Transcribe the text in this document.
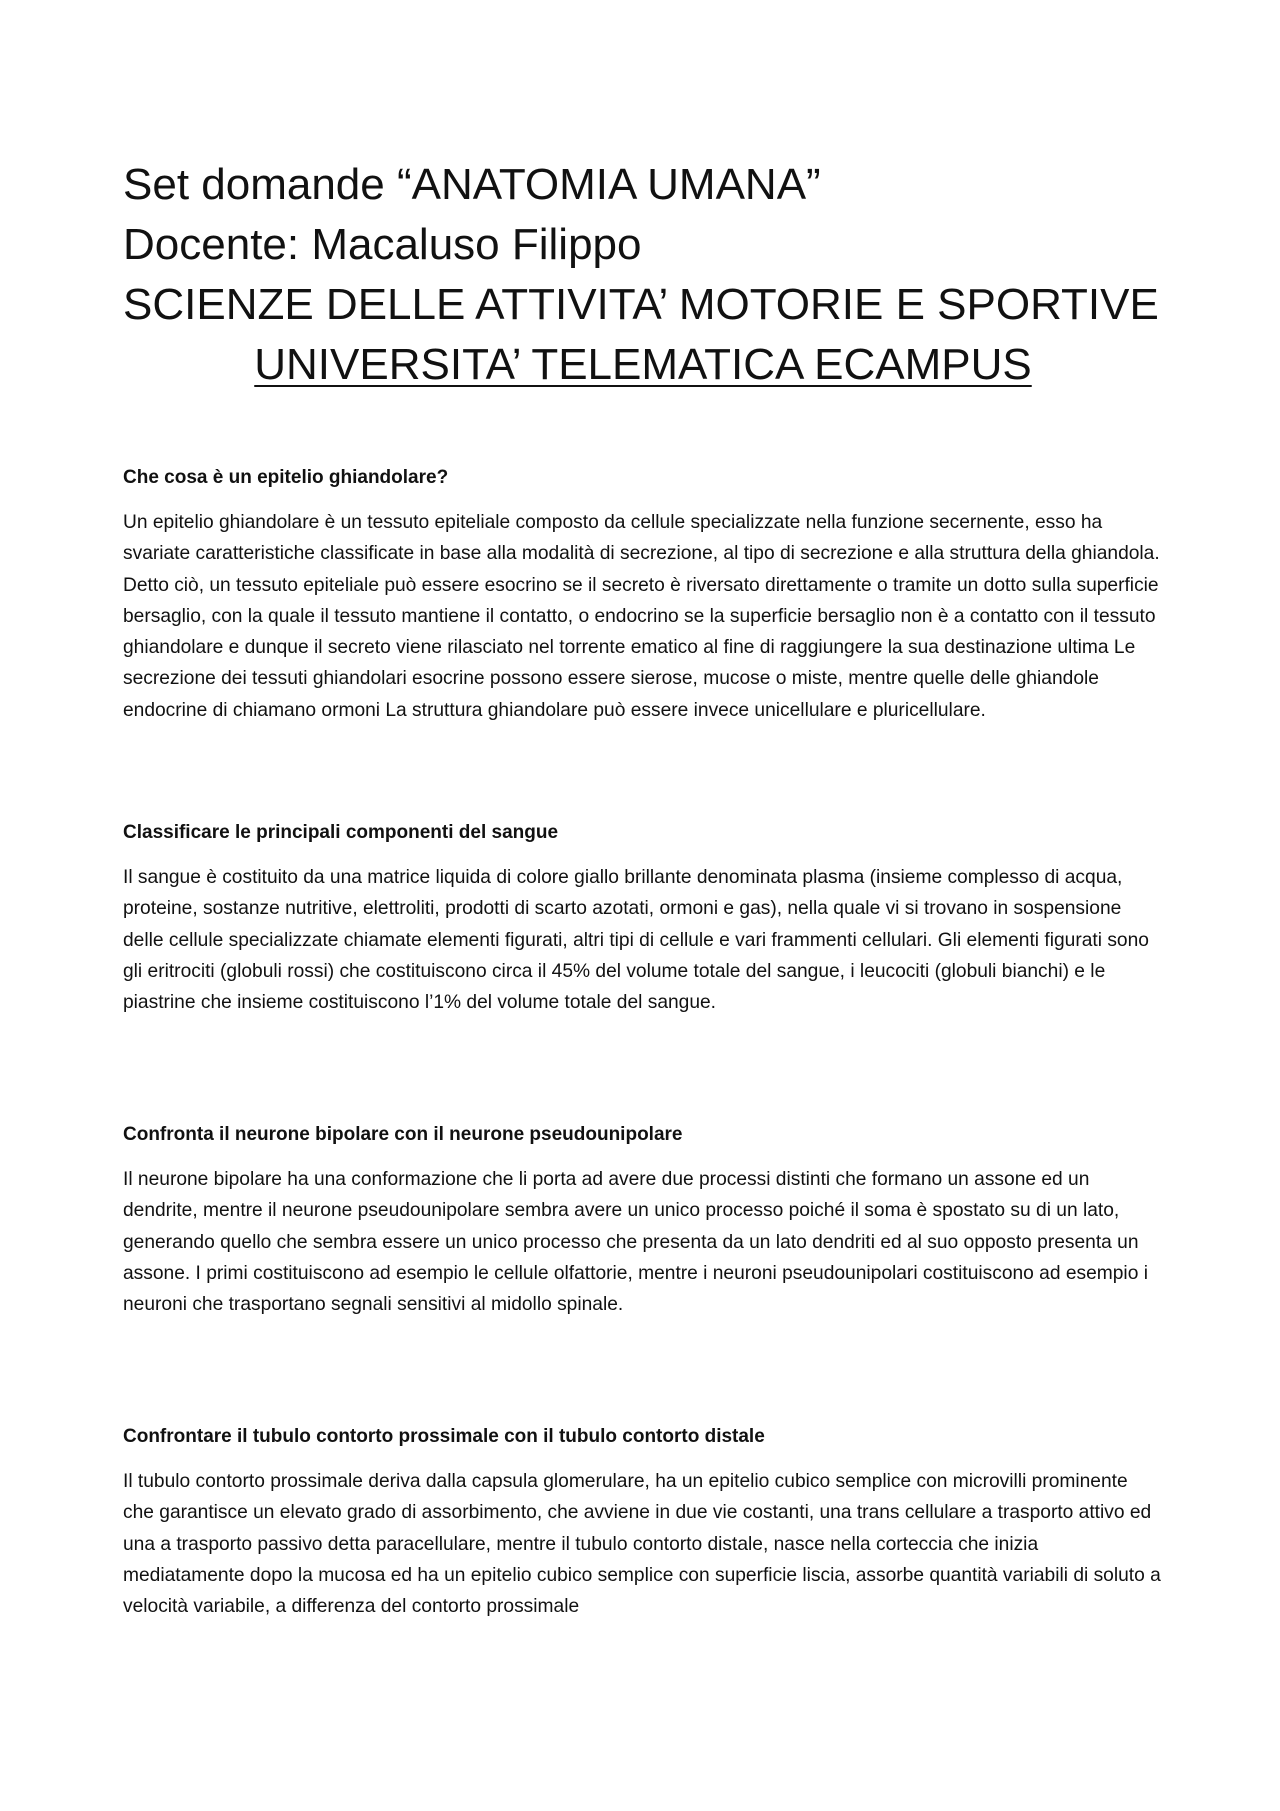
Set domande “ANATOMIA UMANA”
Docente: Macaluso Filippo
SCIENZE DELLE ATTIVITA’ MOTORIE E SPORTIVE
UNIVERSITA’ TELEMATICA ECAMPUS
Che cosa è un epitelio ghiandolare?

Un epitelio ghiandolare è un tessuto epiteliale composto da cellule specializzate nella funzione secernente, esso ha svariate caratteristiche classificate in base alla modalità di secrezione, al tipo di secrezione e alla struttura della ghiandola. Detto ciò, un tessuto epiteliale può essere esocrino se il secreto è riversato direttamente o tramite un dotto sulla superficie bersaglio, con la quale il tessuto mantiene il contatto, o endocrino se la superficie bersaglio non è a contatto con il tessuto ghiandolare e dunque il secreto viene rilasciato nel torrente ematico al fine di raggiungere la sua destinazione ultima Le secrezione dei tessuti ghiandolari esocrine possono essere sierose, mucose o miste, mentre quelle delle ghiandole endocrine di chiamano ormoni La struttura ghiandolare può essere invece unicellulare e pluricellulare.

Classificare le principali componenti del sangue

Il sangue è costituito da una matrice liquida di colore giallo brillante denominata plasma (insieme complesso di acqua, proteine, sostanze nutritive, elettroliti, prodotti di scarto azotati, ormoni e gas), nella quale vi si trovano in sospensione delle cellule specializzate chiamate elementi figurati, altri tipi di cellule e vari frammenti cellulari. Gli elementi figurati sono gli eritrociti (globuli rossi) che costituiscono circa il 45% del volume totale del sangue, i leucociti (globuli bianchi) e le piastrine che insieme costituiscono l’1% del volume totale del sangue.

Confronta il neurone bipolare con il neurone pseudounipolare

Il neurone bipolare ha una conformazione che li porta ad avere due processi distinti che formano un assone ed un dendrite, mentre il neurone pseudounipolare sembra avere un unico processo poiché il soma è spostato su di un lato, generando quello che sembra essere un unico processo che presenta da un lato dendriti ed al suo opposto presenta un assone. I primi costituiscono ad esempio le cellule olfattorie, mentre i neuroni pseudounipolari costituiscono ad esempio i neuroni che trasportano segnali sensitivi al midollo spinale.

Confrontare il tubulo contorto prossimale con il tubulo contorto distale

Il tubulo contorto prossimale deriva dalla capsula glomerulare, ha un epitelio cubico semplice con microvilli prominente che garantisce un elevato grado di assorbimento, che avviene in due vie costanti, una trans cellulare a trasporto attivo ed una a trasporto passivo detta paracellulare, mentre il tubulo contorto distale, nasce nella corteccia che inizia mediatamente dopo la mucosa ed ha un epitelio cubico semplice con superficie liscia, assorbe quantità variabili di soluto a velocità variabile, a differenza del contorto prossimale
